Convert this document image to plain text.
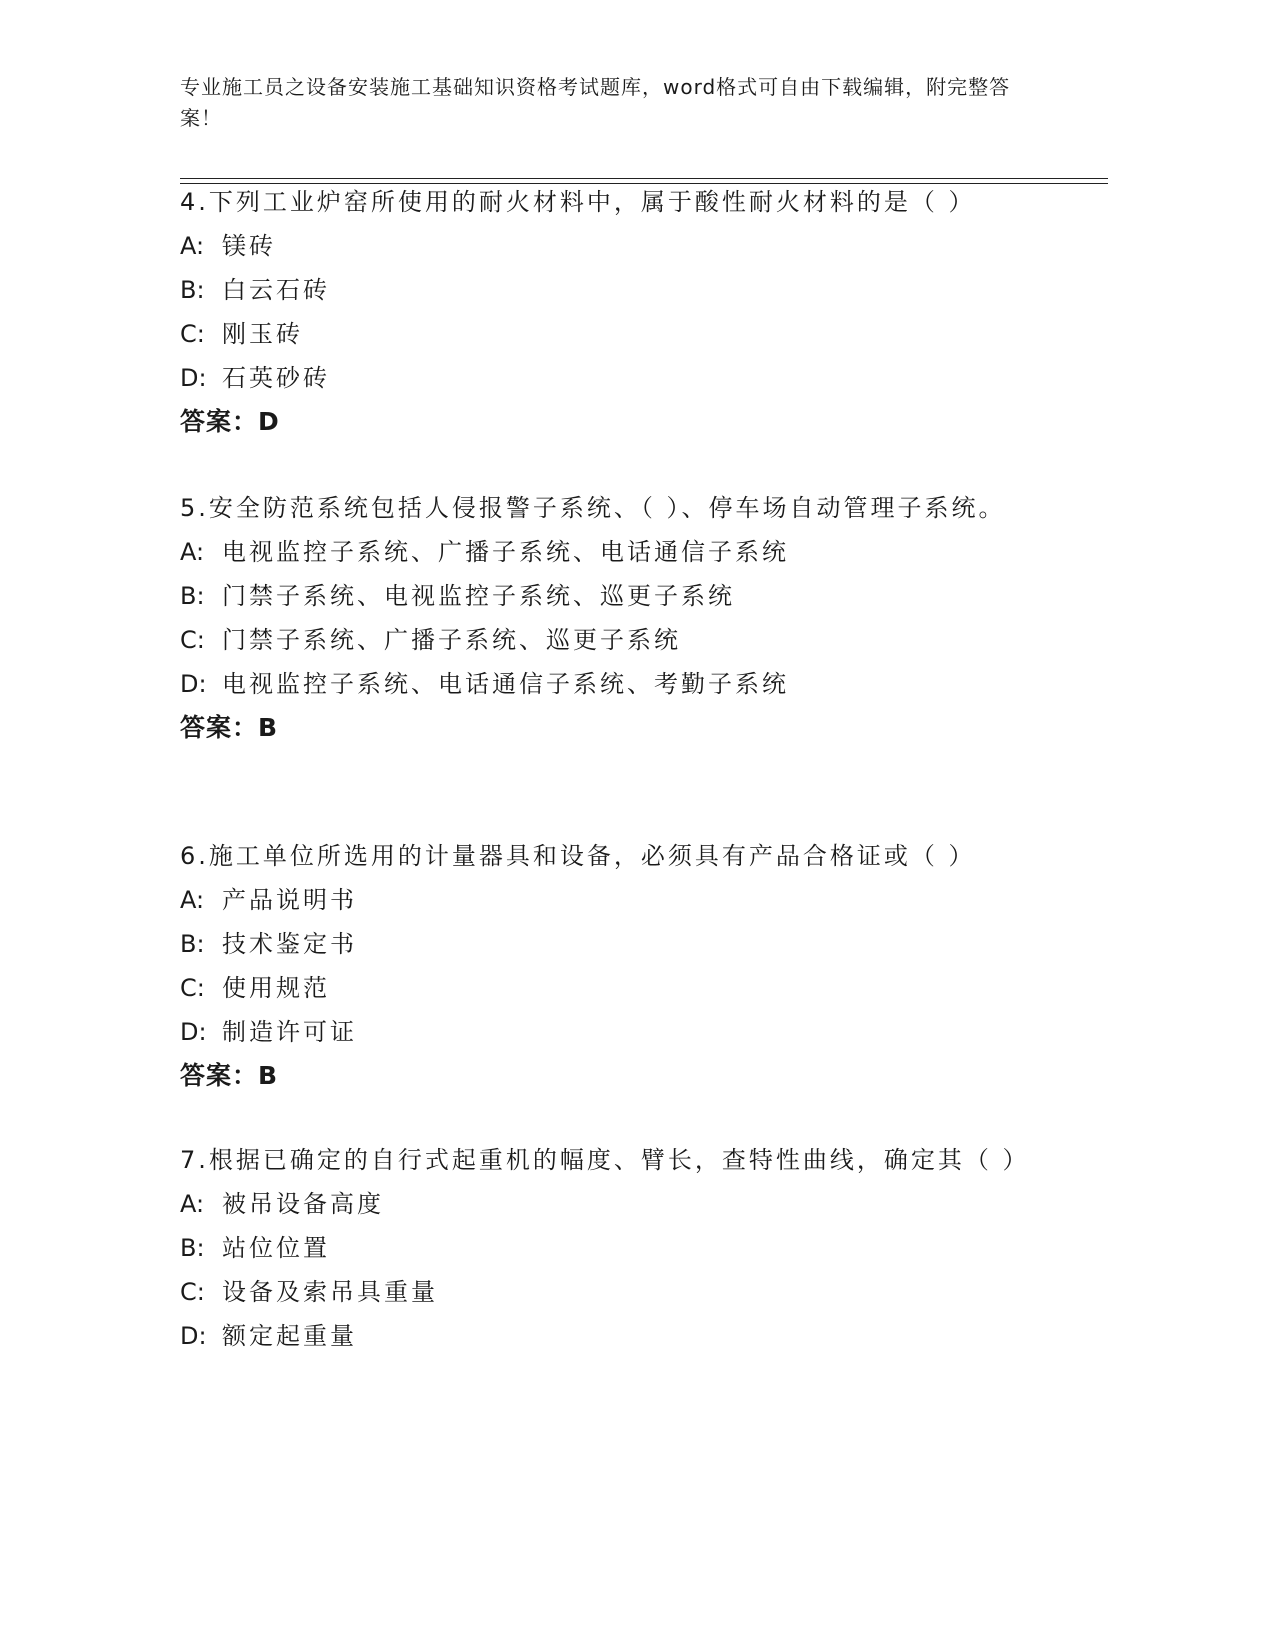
专业施工员之设备安装施工基础知识资格考试题库，word格式可自由下载编辑，附完整答案！
4.下列工业炉窑所使用的耐火材料中，属于酸性耐火材料的是（ ）
A: 镁砖
B: 白云石砖
C: 刚玉砖
D: 石英砂砖
答案：D
5.安全防范系统包括人侵报警子系统、（ ）、停车场自动管理子系统。
A: 电视监控子系统、广播子系统、电话通信子系统
B: 门禁子系统、电视监控子系统、巡更子系统
C: 门禁子系统、广播子系统、巡更子系统
D: 电视监控子系统、电话通信子系统、考勤子系统
答案：B
6.施工单位所选用的计量器具和设备，必须具有产品合格证或（ ）
A: 产品说明书
B: 技术鉴定书
C: 使用规范
D: 制造许可证
答案：B
7.根据已确定的自行式起重机的幅度、臂长，查特性曲线，确定其（ ）
A: 被吊设备高度
B: 站位位置
C: 设备及索吊具重量
D: 额定起重量
